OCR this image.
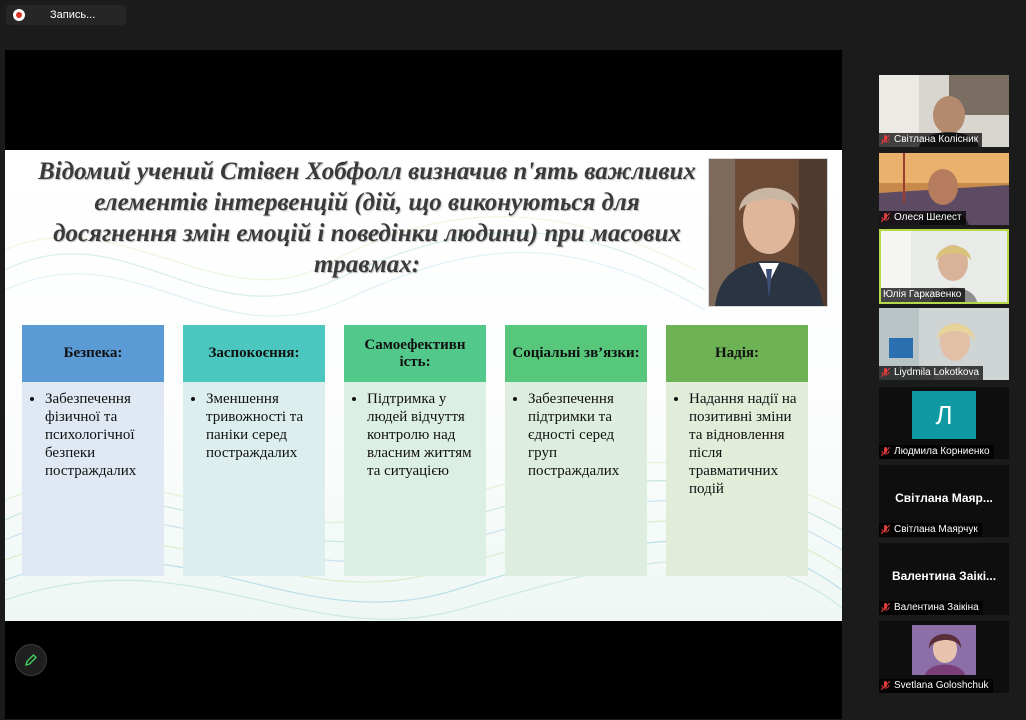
Запись...
Відомий учений Стівен Хобфолл визначив п'ять важливих елементів інтервенцій (дій, що виконуються для досягнення змін емоцій і поведінки людини) при масових травмах:
Безпека:
• Забезпечення фізичної та психологічної безпеки постраждалих
Заспокоєння:
• Зменшення тривожності та паніки серед постраждалих
Самоефективн ість:
• Підтримка у людей відчуття контролю над власним життям та ситуацією
Соціальні зв’язки:
• Забезпечення підтримки та єдності серед груп постраждалих
Надія:
• Надання надії на позитивні зміни та відновлення після травматичних подій
Світлана Колісник
Олеся Шелест
Юлія Гаркавенко
Liydmila Lokotkova
Л
Людмила Корниенко
Світлана Маяр...
Світлана Маярчук
Валентина Заікі...
Валентина Заікіна
Svetlana Goloshchuk
